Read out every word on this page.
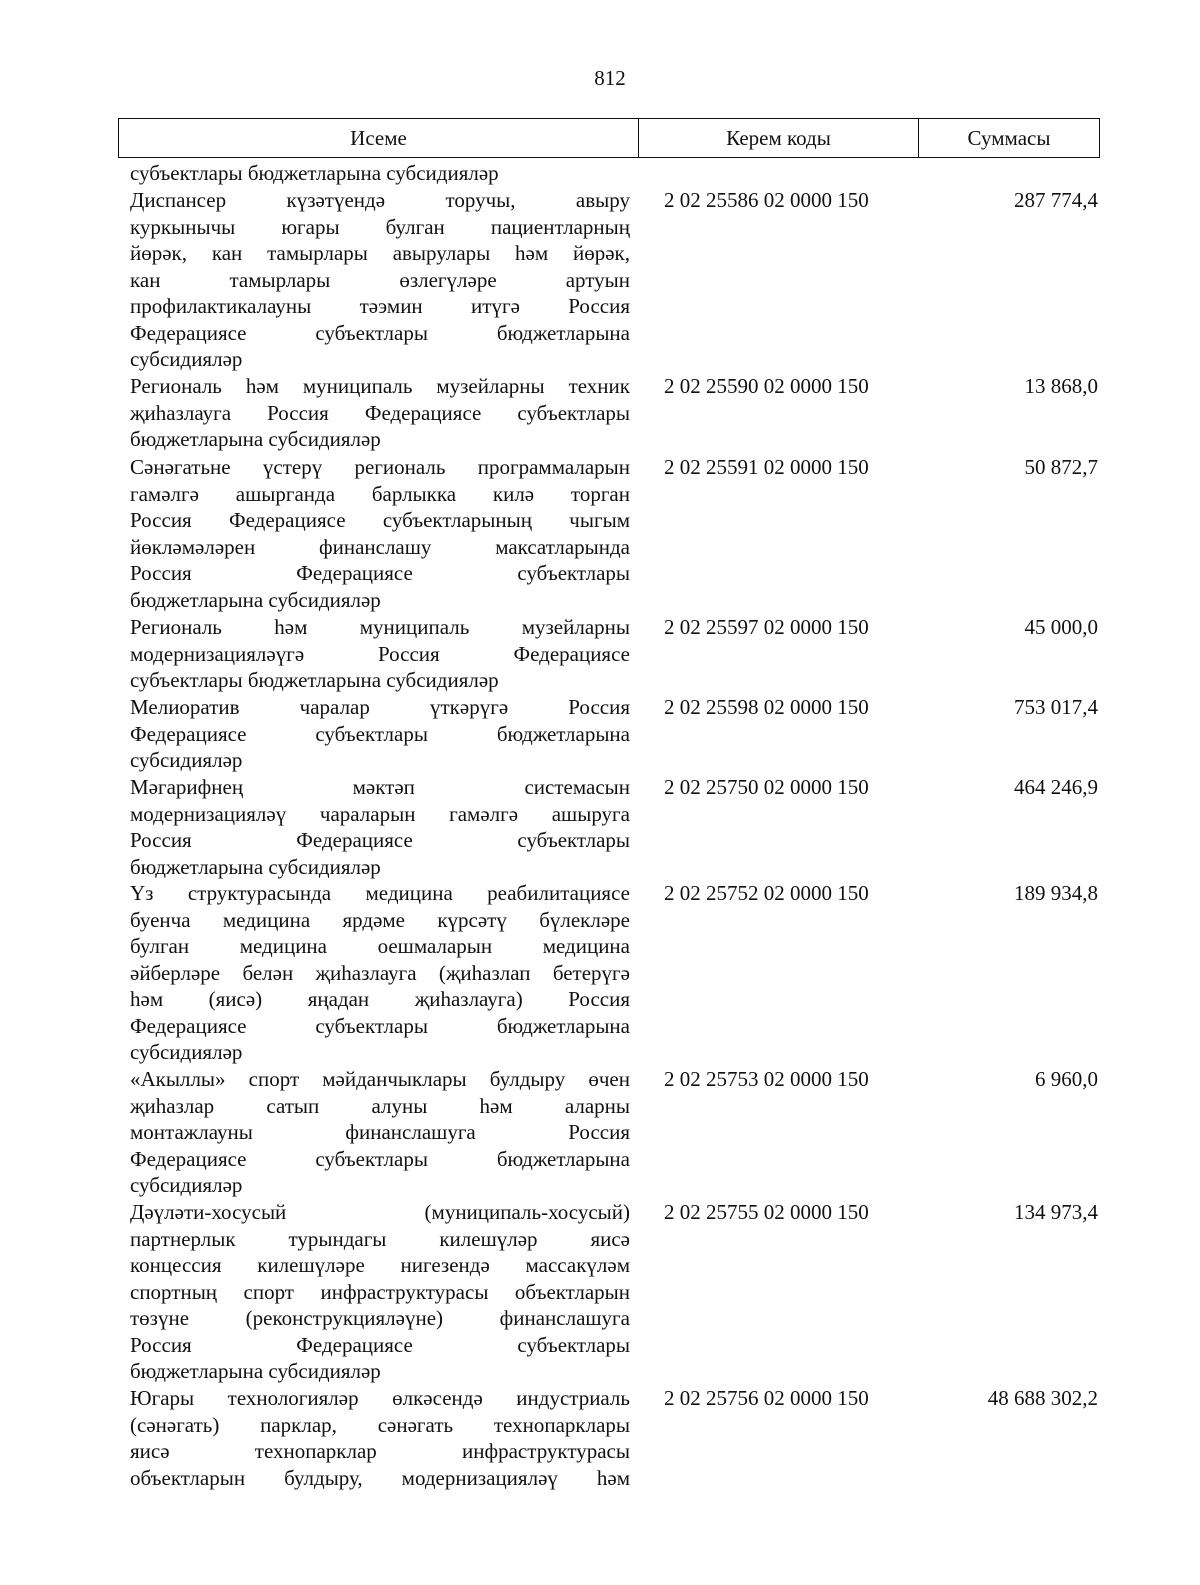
812
Исеме	Керем коды	Суммасы
субъектлары бюджетларына субсидияләр
Диспансер күзәтүендә торучы, авыру
куркынычы югары булган пациентларның
йөрәк, кан тамырлары авырулары һәм йөрәк,
кан тамырлары өзлегүләре артуын
профилактикалауны тәэмин итүгә Россия
Федерациясе субъектлары бюджетларына
субсидияләр
2 02 25586 02 0000 150	287 774,4
Региональ һәм муниципаль музейларны техник
җиһазлауга Россия Федерациясе субъектлары
бюджетларына субсидияләр
2 02 25590 02 0000 150	13 868,0
Сәнәгатьне үстерү региональ программаларын
гамәлгә ашырганда барлыкка килә торган
Россия Федерациясе субъектларының чыгым
йөкләмәләрен финанслашу максатларында
Россия Федерациясе субъектлары
бюджетларына субсидияләр
2 02 25591 02 0000 150	50 872,7
Региональ һәм муниципаль музейларны
модернизацияләүгә Россия Федерациясе
субъектлары бюджетларына субсидияләр
2 02 25597 02 0000 150	45 000,0
Мелиоратив чаралар үткәрүгә Россия
Федерациясе субъектлары бюджетларына
субсидияләр
2 02 25598 02 0000 150	753 017,4
Мәгарифнең мәктәп системасын
модернизацияләү чараларын гамәлгә ашыруга
Россия Федерациясе субъектлары
бюджетларына субсидияләр
2 02 25750 02 0000 150	464 246,9
Үз структурасында медицина реабилитациясе
буенча медицина ярдәме күрсәтү бүлекләре
булган медицина оешмаларын медицина
әйберләре белән җиһазлауга (җиһазлап бетерүгә
һәм (яисә) яңадан җиһазлауга) Россия
Федерациясе субъектлары бюджетларына
субсидияләр
2 02 25752 02 0000 150	189 934,8
«Акыллы» спорт мәйданчыклары булдыру өчен
җиһазлар сатып алуны һәм аларны
монтажлауны финанслашуга Россия
Федерациясе субъектлары бюджетларына
субсидияләр
2 02 25753 02 0000 150	6 960,0
Дәүләти-хосусый (муниципаль-хосусый)
партнерлык турындагы килешүләр яисә
концессия килешүләре нигезендә массакүләм
спортның спорт инфраструктурасы объектларын
төзүне (реконструкцияләүне) финанслашуга
Россия Федерациясе субъектлары
бюджетларына субсидияләр
2 02 25755 02 0000 150	134 973,4
Югары технологияләр өлкәсендә индустриаль
(сәнәгать) парклар, сәнәгать технопарклары
яисә технопарклар инфраструктурасы
объектларын булдыру, модернизацияләү һәм
2 02 25756 02 0000 150	48 688 302,2
